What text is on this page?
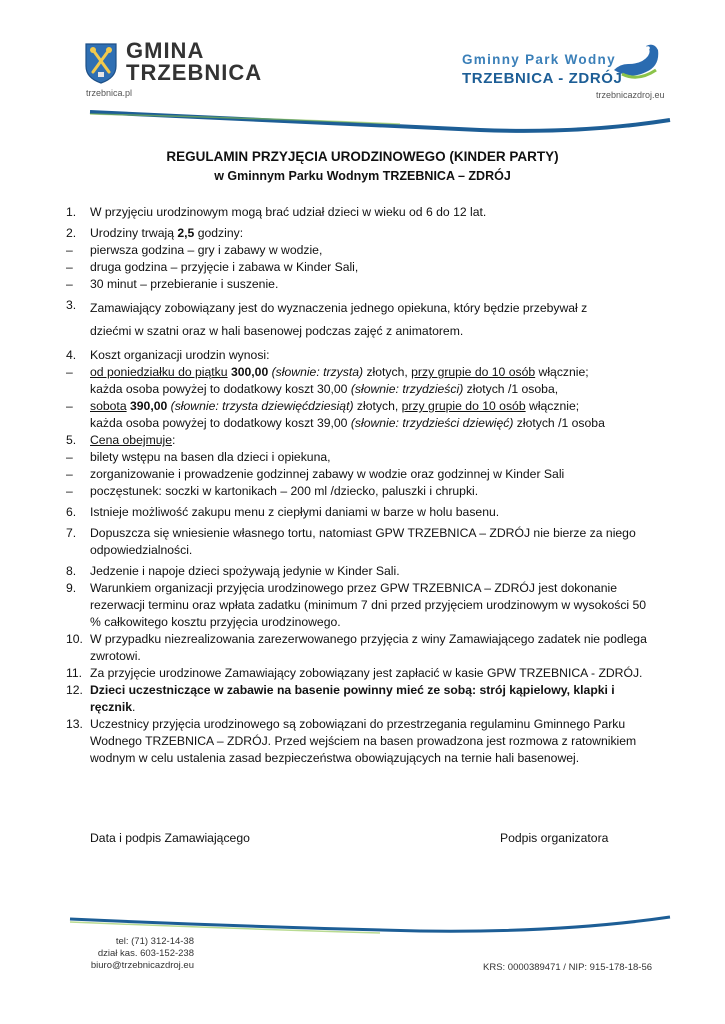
GMINA
TRZEBNICA
trzebnica.pl
Gminny Park Wodny
TRZEBNICA - ZDRÓJ
trzebnicazdroj.eu
REGULAMIN PRZYJĘCIA URODZINOWEGO (KINDER PARTY)
w Gminnym Parku Wodnym TRZEBNICA – ZDRÓJ
1.	W przyjęciu urodzinowym mogą brać udział dzieci w wieku od 6 do 12 lat.
2.	Urodziny trwają 2,5 godziny:
–	pierwsza godzina – gry i zabawy w wodzie,
–	druga godzina – przyjęcie i zabawa w Kinder Sali,
–	30 minut – przebieranie i suszenie.
3.	Zamawiający zobowiązany jest do wyznaczenia jednego opiekuna, który będzie przebywał z
dziećmi w szatni oraz w hali basenowej podczas zajęć z animatorem.
4.	Koszt organizacji urodzin wynosi:
–	od poniedziałku do piątku 300,00 (słownie: trzysta) złotych, przy grupie do 10 osób włącznie;
każda osoba powyżej to dodatkowy koszt 30,00 (słownie: trzydzieści) złotych /1 osoba,
–	sobota 390,00 (słownie: trzysta dziewięćdziesiąt) złotych, przy grupie do 10 osób włącznie;
każda osoba powyżej to dodatkowy koszt 39,00 (słownie: trzydzieści dziewięć) złotych /1 osoba
5.	Cena obejmuje:
–	bilety wstępu na basen dla dzieci i opiekuna,
–	zorganizowanie i prowadzenie godzinnej zabawy w wodzie oraz godzinnej w Kinder Sali
–	poczęstunek: soczki w kartonikach – 200 ml /dziecko, paluszki i chrupki.
6.	Istnieje możliwość zakupu menu z ciepłymi daniami w barze w holu basenu.
7.	Dopuszcza się wniesienie własnego tortu, natomiast GPW TRZEBNICA – ZDRÓJ nie bierze za niego odpowiedzialności.
8.	Jedzenie i napoje dzieci spożywają jedynie w Kinder Sali.
9.	Warunkiem organizacji przyjęcia urodzinowego przez GPW TRZEBNICA – ZDRÓJ jest dokonanie rezerwacji terminu oraz wpłata zadatku (minimum 7 dni przed przyjęciem urodzinowym w wysokości 50 % całkowitego kosztu przyjęcia urodzinowego.
10. W przypadku niezrealizowania zarezerwowanego przyjęcia z winy Zamawiającego zadatek nie podlega zwrotowi.
11. Za przyjęcie urodzinowe Zamawiający zobowiązany jest zapłacić w kasie GPW TRZEBNICA - ZDRÓJ.
12. Dzieci uczestniczące w zabawie na basenie powinny mieć ze sobą: strój kąpielowy, klapki i ręcznik.
13. Uczestnicy przyjęcia urodzinowego są zobowiązani do przestrzegania regulaminu Gminnego Parku Wodnego TRZEBNICA – ZDRÓJ. Przed wejściem na basen prowadzona jest rozmowa z ratownikiem wodnym w celu ustalenia zasad bezpieczeństwa obowiązujących na ternie hali basenowej.
Data i podpis Zamawiającego	Podpis organizatora
tel: (71) 312-14-38
dział kas. 603-152-238
biuro@trzebnicazdroj.eu	KRS: 0000389471 / NIP: 915-178-18-56
